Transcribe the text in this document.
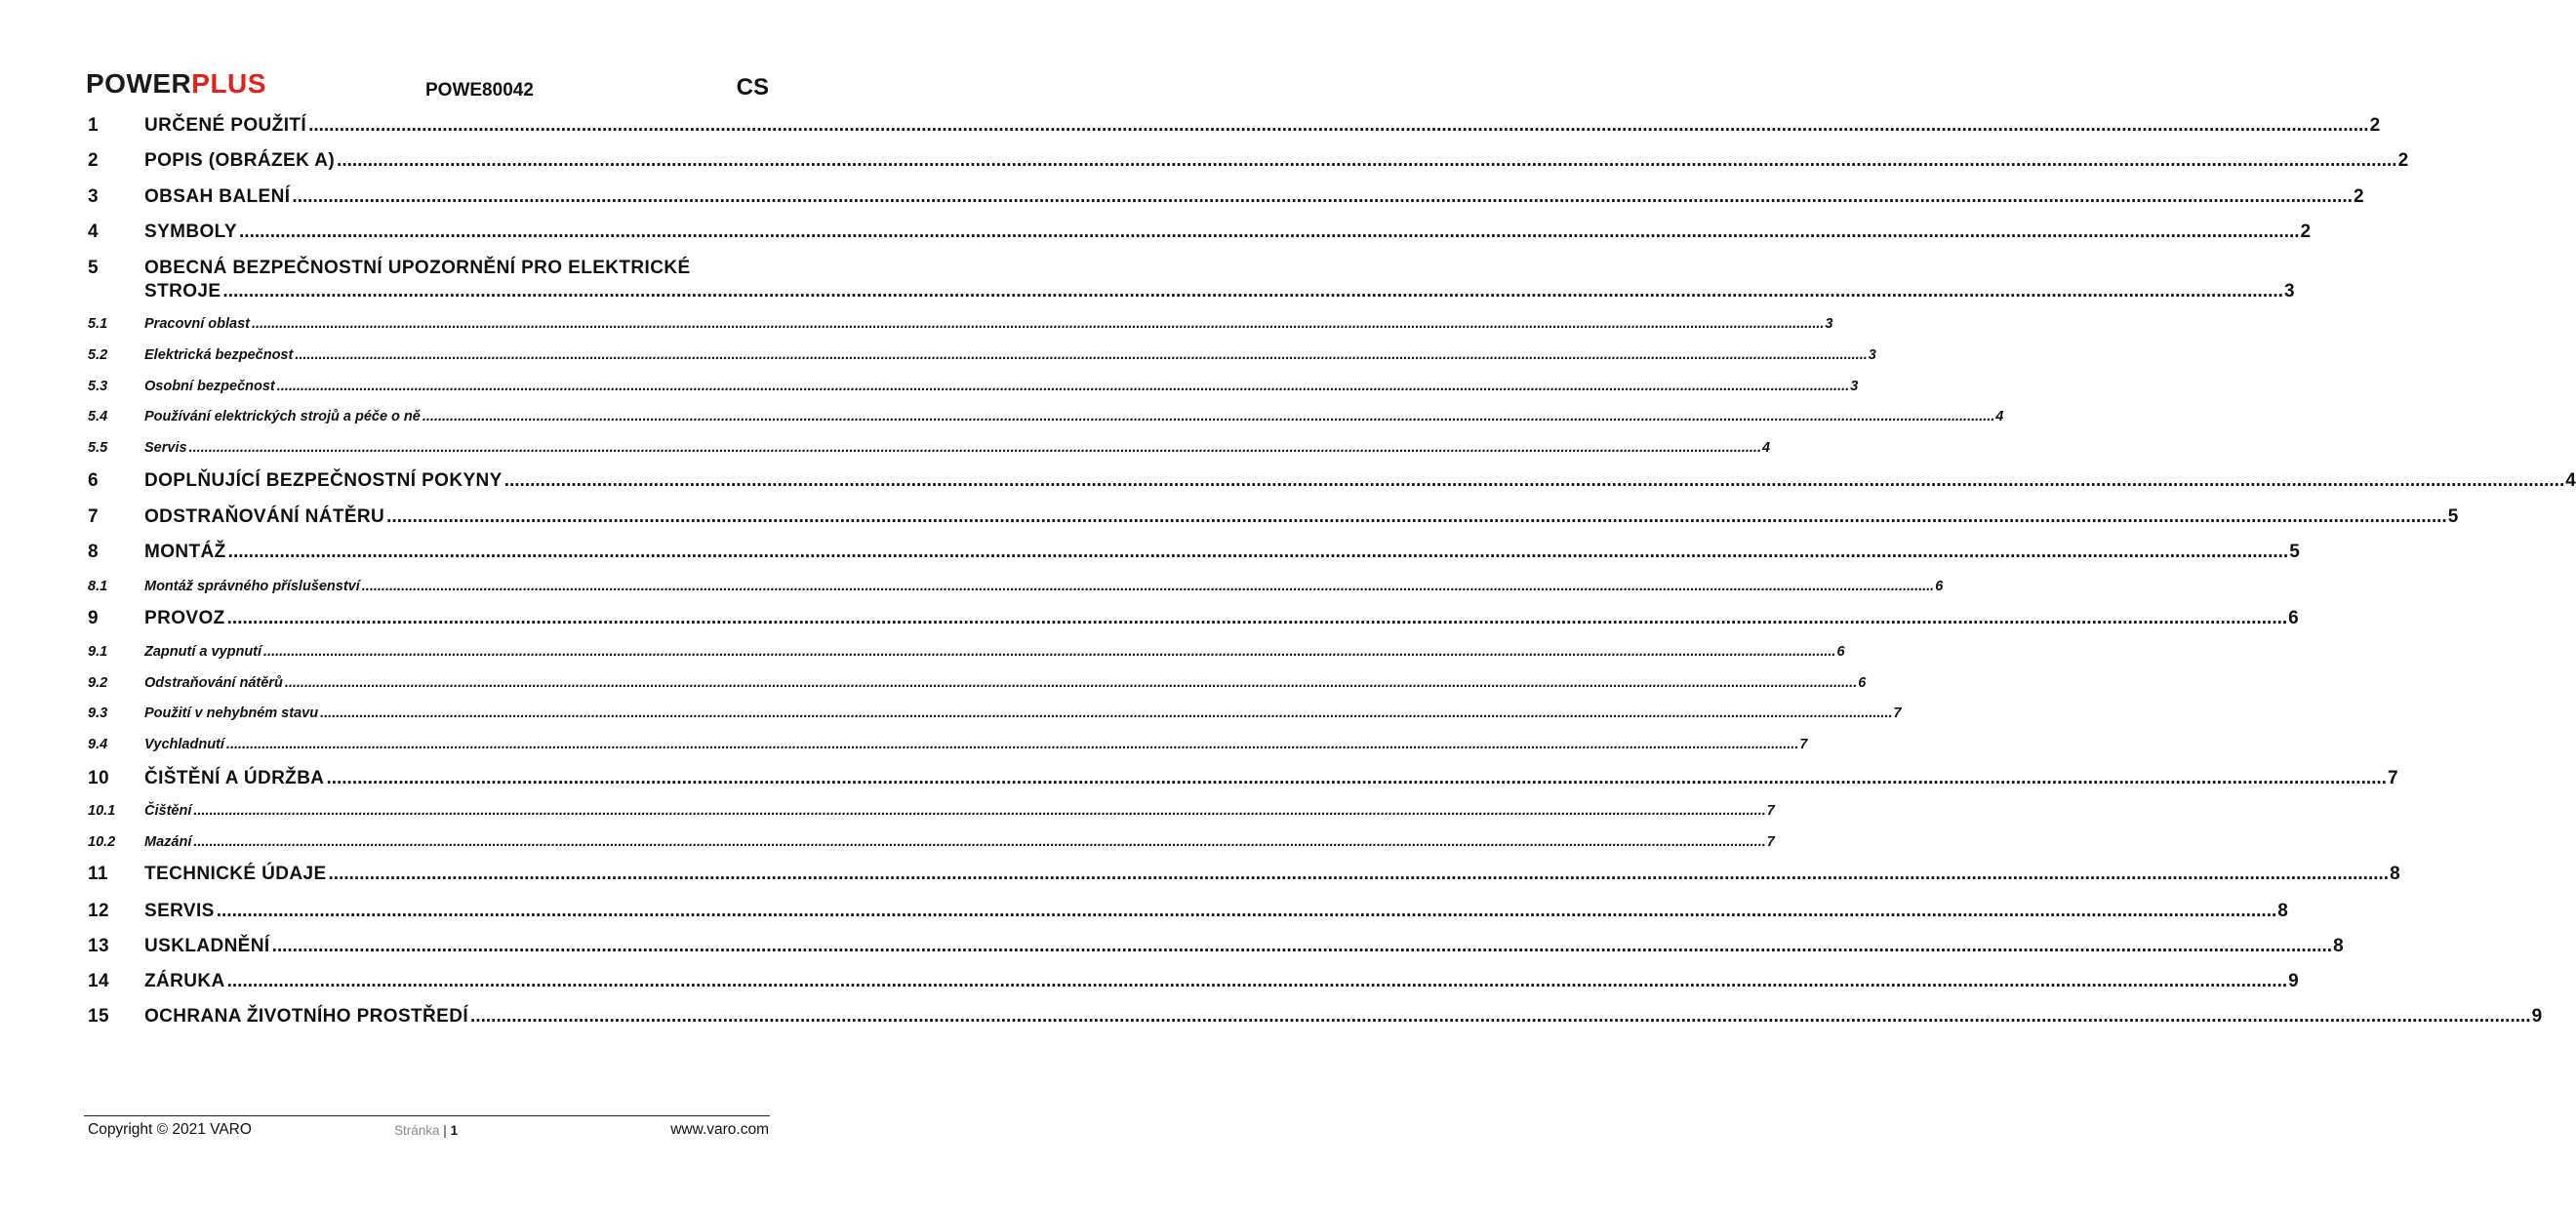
POWERPLUS	POWE80042	CS
1 URČENÉ POUŽITÍ ................................................................................................................................................................................................................................................................................................................................................................................................................ 2
2 POPIS (OBRÁZEK A) ................................................................................................................................................................................................................................................................................................................................................................................................................ 2
3 OBSAH BALENÍ ................................................................................................................................................................................................................................................................................................................................................................................................................ 2
4 SYMBOLY ................................................................................................................................................................................................................................................................................................................................................................................................................ 2
5 OBECNÁ BEZPEČNOSTNÍ UPOZORNĚNÍ PRO ELEKTRICKÉ
STROJE ................................................................................................................................................................................................................................................................................................................................................................................................................ 3
5.1	Pracovní oblast ................................................................................................................................................................................................................................................................................................................................................................................................................ 3
5.2	Elektrická bezpečnost ................................................................................................................................................................................................................................................................................................................................................................................................................ 3
5.3	Osobní bezpečnost ................................................................................................................................................................................................................................................................................................................................................................................................................ 3
5.4	Používání elektrických strojů a péče o ně ................................................................................................................................................................................................................................................................................................................................................................................................................ 4
5.5	Servis ................................................................................................................................................................................................................................................................................................................................................................................................................ 4
6 DOPLŇUJÍCÍ BEZPEČNOSTNÍ POKYNY ................................................................................................................................................................................................................................................................................................................................................................................................................ 4
7 ODSTRAŇOVÁNÍ NÁTĚRU ................................................................................................................................................................................................................................................................................................................................................................................................................ 5
8 MONTÁŽ ................................................................................................................................................................................................................................................................................................................................................................................................................ 5
8.1	Montáž správného příslušenství ................................................................................................................................................................................................................................................................................................................................................................................................................ 6
9 PROVOZ ................................................................................................................................................................................................................................................................................................................................................................................................................ 6
9.1	Zapnutí a vypnutí ................................................................................................................................................................................................................................................................................................................................................................................................................ 6
9.2	Odstraňování nátěrů ................................................................................................................................................................................................................................................................................................................................................................................................................ 6
9.3	Použití v nehybném stavu ................................................................................................................................................................................................................................................................................................................................................................................................................ 7
9.4	Vychladnutí ................................................................................................................................................................................................................................................................................................................................................................................................................ 7
10 ČIŠTĚNÍ A ÚDRŽBA ................................................................................................................................................................................................................................................................................................................................................................................................................ 7
10.1 Čištění ................................................................................................................................................................................................................................................................................................................................................................................................................ 7
10.2 Mazání ................................................................................................................................................................................................................................................................................................................................................................................................................ 7
11 TECHNICKÉ ÚDAJE ................................................................................................................................................................................................................................................................................................................................................................................................................ 8
12 SERVIS ................................................................................................................................................................................................................................................................................................................................................................................................................ 8
13 USKLADNĚNÍ ................................................................................................................................................................................................................................................................................................................................................................................................................ 8
14 ZÁRUKA ................................................................................................................................................................................................................................................................................................................................................................................................................ 9
15 OCHRANA ŽIVOTNÍHO PROSTŘEDÍ ................................................................................................................................................................................................................................................................................................................................................................................................................ 9
Copyright © 2021 VARO	Stránka | 1	www.varo.com
